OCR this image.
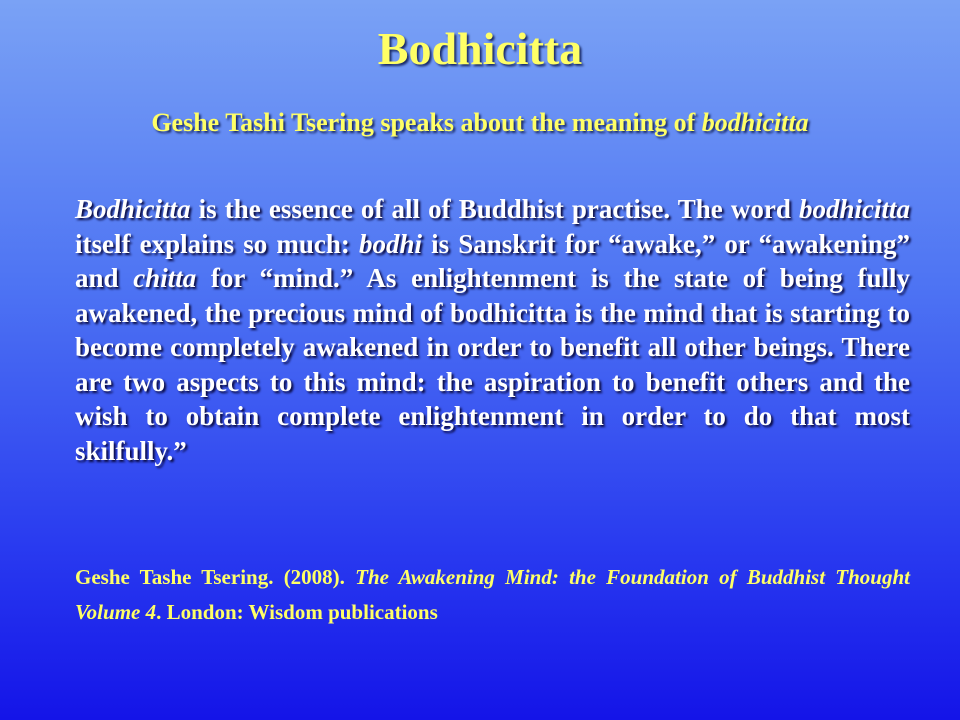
Bodhicitta
Geshe Tashi Tsering speaks about the meaning of bodhicitta
Bodhicitta is the essence of all of Buddhist practise. The word bodhicitta itself explains so much: bodhi is Sanskrit for “awake,” or “awakening” and chitta for “mind.” As enlightenment is the state of being fully awakened, the precious mind of bodhicitta is the mind that is starting to become completely awakened in order to benefit all other beings. There are two aspects to this mind: the aspiration to benefit others and the wish to obtain complete enlightenment in order to do that most skilfully.”
Geshe Tashe Tsering. (2008). The Awakening Mind: the Foundation of Buddhist Thought Volume 4. London: Wisdom publications
